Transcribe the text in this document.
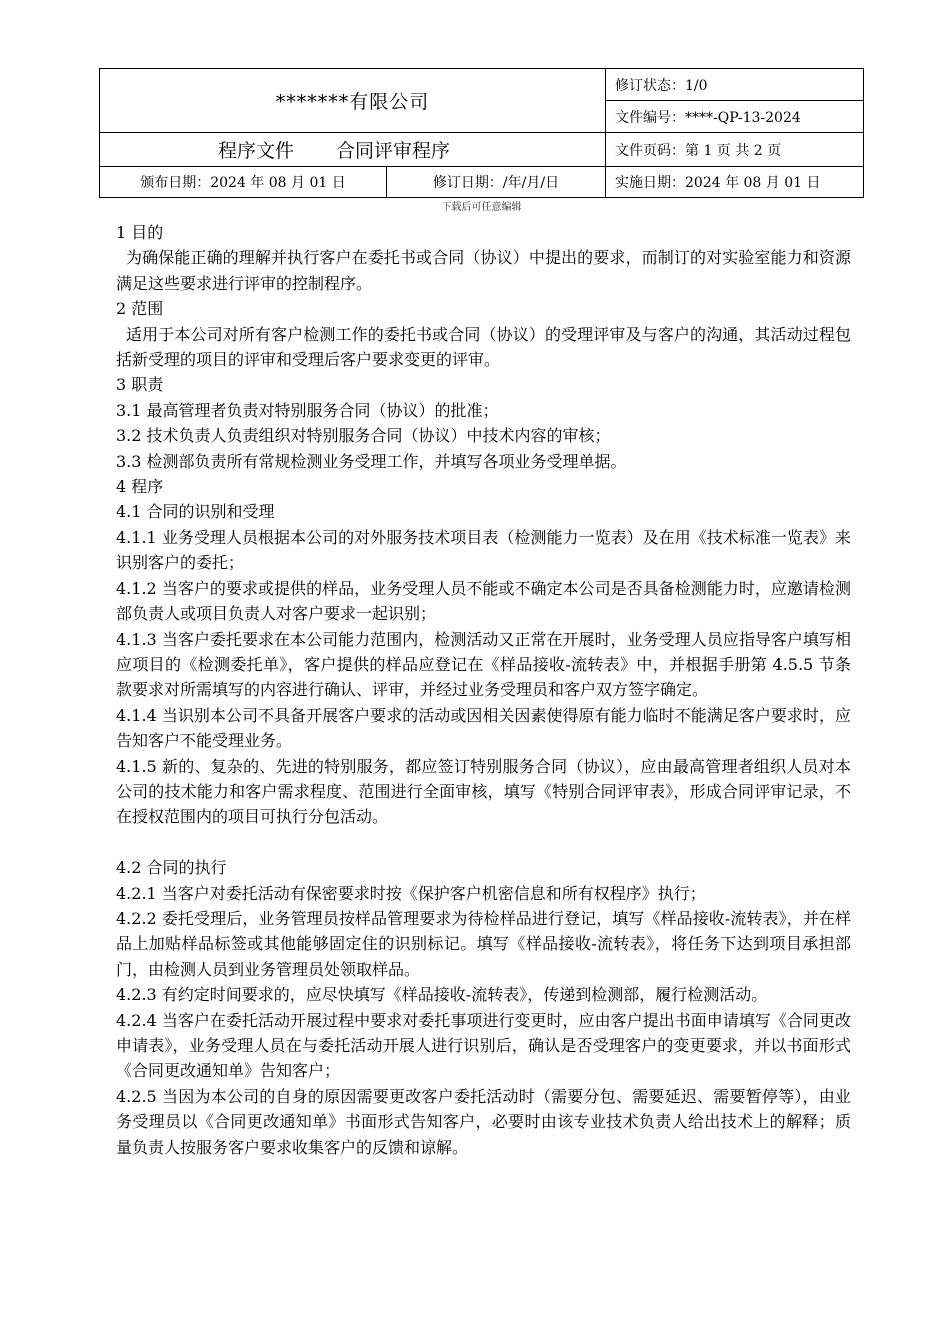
*******有限公司
修订状态：1/0
文件编号：****-QP-13-2024
程序文件 合同评审程序	文件页码：第 1 页 共 2 页
颁布日期：2024 年 08 月 01 日	修订日期：/年/月/日	实施日期：2024 年 08 月 01 日
下载后可任意编辑

1 目的

为确保能正确的理解并执行客户在委托书或合同（协议）中提出的要求，而制订的对实验室能力和资源满足这些要求进行评审的控制程序。

2 范围

适用于本公司对所有客户检测工作的委托书或合同（协议）的受理评审及与客户的沟通，其活动过程包括新受理的项目的评审和受理后客户要求变更的评审。

3 职责

3.1 最高管理者负责对特别服务合同（协议）的批准；

3.2 技术负责人负责组织对特别服务合同（协议）中技术内容的审核；

3.3 检测部负责所有常规检测业务受理工作，并填写各项业务受理单据。

4 程序

4.1 合同的识别和受理

4.1.1 业务受理人员根据本公司的对外服务技术项目表（检测能力一览表）及在用《技术标准一览表》来识别客户的委托；

4.1.2 当客户的要求或提供的样品，业务受理人员不能或不确定本公司是否具备检测能力时，应邀请检测部负责人或项目负责人对客户要求一起识别；

4.1.3 当客户委托要求在本公司能力范围内，检测活动又正常在开展时，业务受理人员应指导客户填写相应项目的《检测委托单》，客户提供的样品应登记在《样品接收-流转表》中，并根据手册第 4.5.5 节条款要求对所需填写的内容进行确认、评审，并经过业务受理员和客户双方签字确定。

4.1.4 当识别本公司不具备开展客户要求的活动或因相关因素使得原有能力临时不能满足客户要求时，应告知客户不能受理业务。

4.1.5 新的、复杂的、先进的特别服务，都应签订特别服务合同（协议），应由最高管理者组织人员对本公司的技术能力和客户需求程度、范围进行全面审核，填写《特别合同评审表》，形成合同评审记录，不在授权范围内的项目可执行分包活动。

4.2 合同的执行

4.2.1 当客户对委托活动有保密要求时按《保护客户机密信息和所有权程序》执行；

4.2.2 委托受理后，业务管理员按样品管理要求为待检样品进行登记，填写《样品接收-流转表》，并在样品上加贴样品标签或其他能够固定住的识别标记。填写《样品接收-流转表》，将任务下达到项目承担部门，由检测人员到业务管理员处领取样品。

4.2.3 有约定时间要求的，应尽快填写《样品接收-流转表》，传递到检测部，履行检测活动。

4.2.4 当客户在委托活动开展过程中要求对委托事项进行变更时，应由客户提出书面申请填写《合同更改申请表》，业务受理人员在与委托活动开展人进行识别后，确认是否受理客户的变更要求，并以书面形式《合同更改通知单》告知客户；

4.2.5 当因为本公司的自身的原因需要更改客户委托活动时（需要分包、需要延迟、需要暂停等），由业务受理员以《合同更改通知单》书面形式告知客户，必要时由该专业技术负责人给出技术上的解释；质量负责人按服务客户要求收集客户的反馈和谅解。
